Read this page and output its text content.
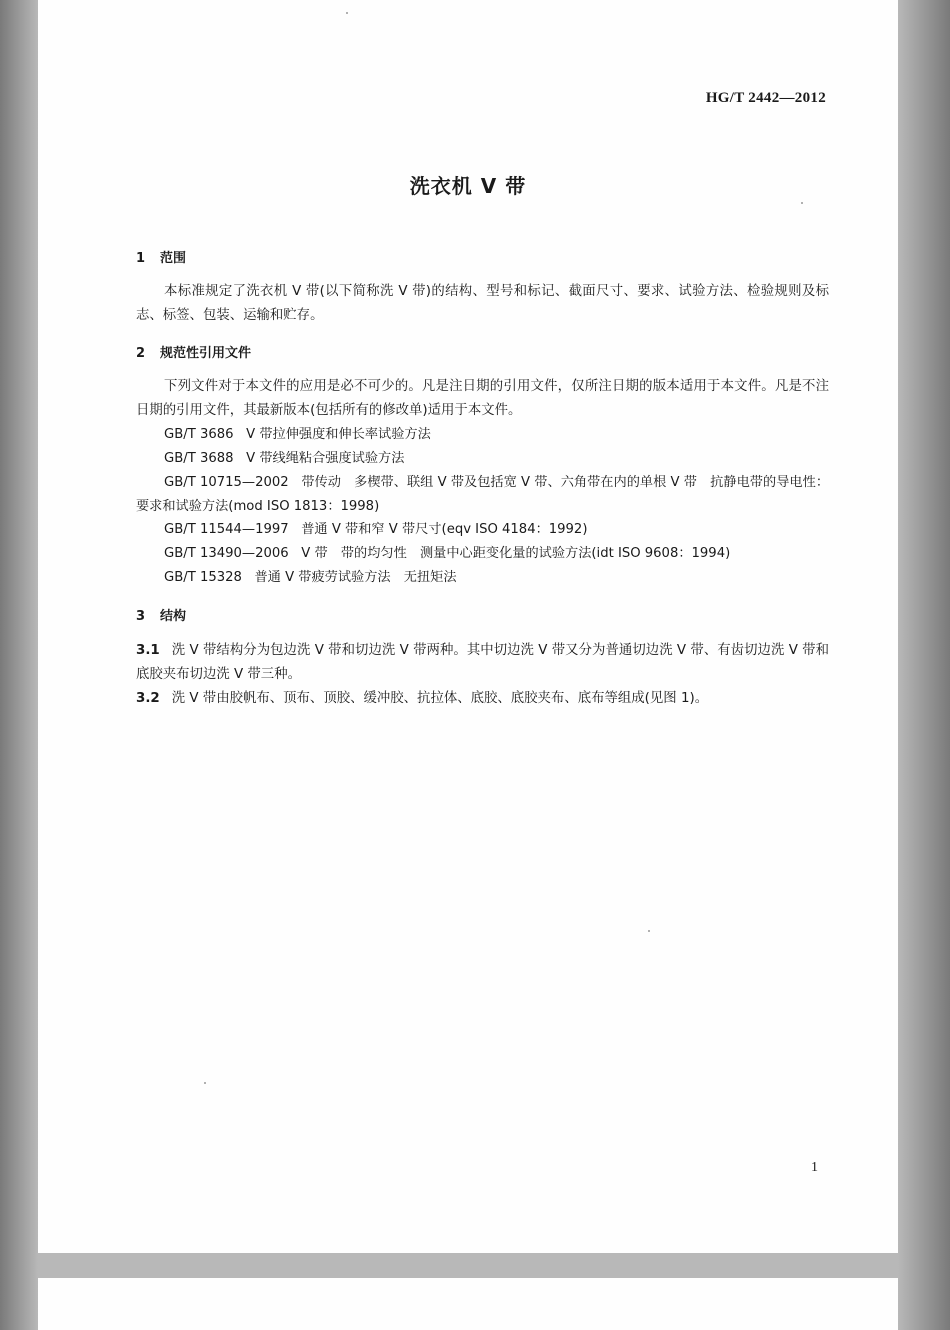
HG/T 2442—2012
洗衣机 V 带
1 范围
本标准规定了洗衣机 V 带(以下简称洗 V 带)的结构、型号和标记、截面尺寸、要求、试验方法、检验规则及标志、标签、包装、运输和贮存。
2 规范性引用文件
下列文件对于本文件的应用是必不可少的。凡是注日期的引用文件，仅所注日期的版本适用于本文件。凡是不注日期的引用文件，其最新版本(包括所有的修改单)适用于本文件。
GB/T 3686 V 带拉伸强度和伸长率试验方法
GB/T 3688 V 带线绳粘合强度试验方法
GB/T 10715—2002 带传动　多楔带、联组 V 带及包括宽 V 带、六角带在内的单根 V 带　抗静电带的导电性：要求和试验方法(mod ISO 1813：1998)
GB/T 11544—1997 普通 V 带和窄 V 带尺寸(eqv ISO 4184：1992)
GB/T 13490—2006 V 带　带的均匀性　测量中心距变化量的试验方法(idt ISO 9608：1994)
GB/T 15328 普通 V 带疲劳试验方法　无扭矩法
3 结构
3.1 洗 V 带结构分为包边洗 V 带和切边洗 V 带两种。其中切边洗 V 带又分为普通切边洗 V 带、有齿切边洗 V 带和底胶夹布切边洗 V 带三种。
3.2 洗 V 带由胶帆布、顶布、顶胶、缓冲胶、抗拉体、底胶、底胶夹布、底布等组成(见图 1)。
1
